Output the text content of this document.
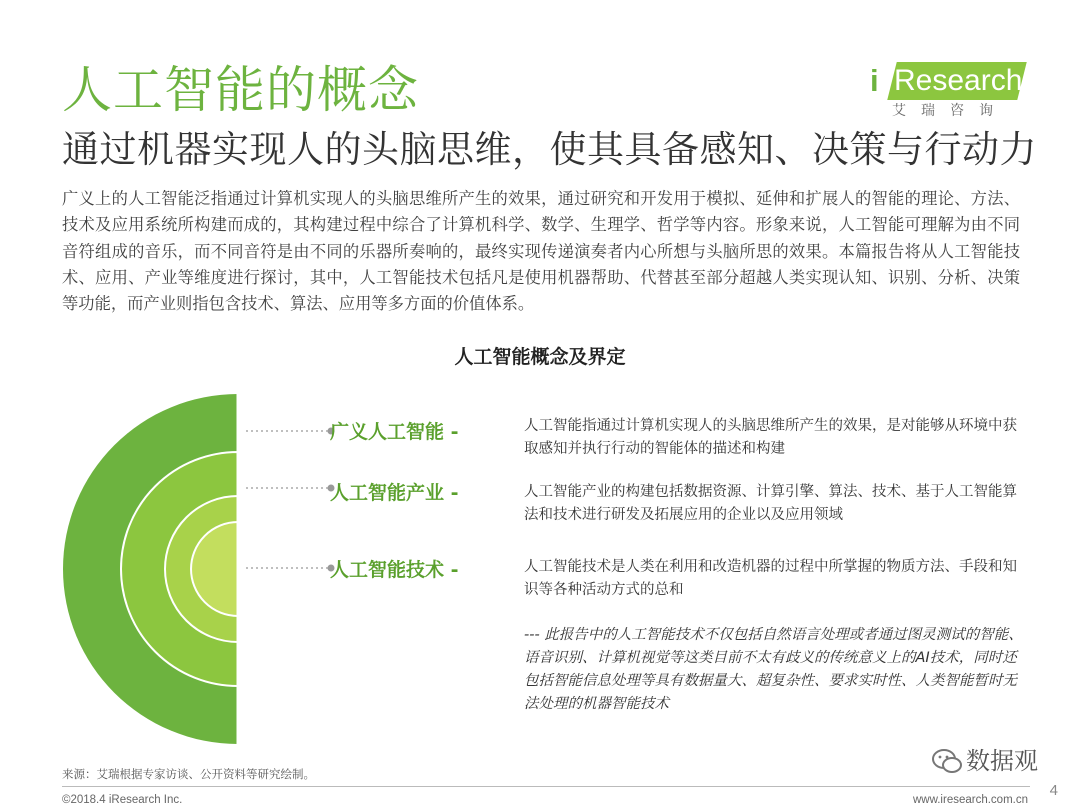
人工智能的概念	i Research
艾瑞咨询
通过机器实现人的头脑思维，使其具备感知、决策与行动力
广义上的人工智能泛指通过计算机实现人的头脑思维所产生的效果，通过研究和开发用于模拟、延伸和扩展人的智能的理论、方法、技术及应用系统所构建而成的，其构建过程中综合了计算机科学、数学、生理学、哲学等内容。形象来说，人工智能可理解为由不同音符组成的音乐，而不同音符是由不同的乐器所奏响的，最终实现传递演奏者内心所想与头脑所思的效果。本篇报告将从人工智能技术、应用、产业等维度进行探讨，其中，人工智能技术包括凡是使用机器帮助、代替甚至部分超越人类实现认知、识别、分析、决策等功能，而产业则指包含技术、算法、应用等多方面的价值体系。
人工智能概念及界定
广义人工智能 -	人工智能指通过计算机实现人的头脑思维所产生的效果，是对能够从环境中获取感知并执行行动的智能体的描述和构建
人工智能产业 -	人工智能产业的构建包括数据资源、计算引擎、算法、技术、基于人工智能算法和技术进行研发及拓展应用的企业以及应用领域
人工智能技术 -	人工智能技术是人类在利用和改造机器的过程中所掌握的物质方法、手段和知识等各种活动方式的总和
--- 此报告中的人工智能技术不仅包括自然语言处理或者通过图灵测试的智能、语音识别、计算机视觉等这类目前不太有歧义的传统意义上的AI技术，同时还包括智能信息处理等具有数据量大、超复杂性、要求实时性、人类智能暂时无法处理的机器智能技术
来源：艾瑞根据专家访谈、公开资料等研究绘制。	数据观
©2018.4 iResearch Inc.	www.iresearch.com.cn
4
